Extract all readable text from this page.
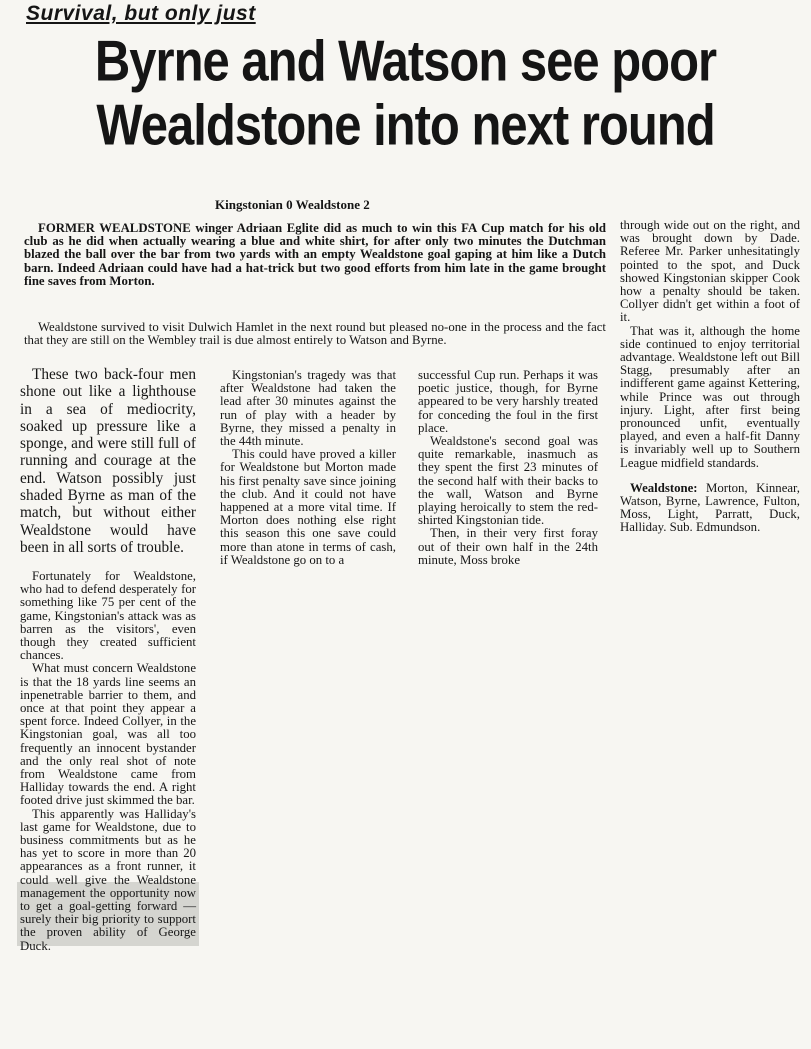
Survival, but only just
Byrne and Watson see poor
Wealdstone into next round
Kingstonian 0 Wealdstone 2
FORMER WEALDSTONE winger Adriaan Eglite did as much to win this FA Cup match for his old club as he did when actually wearing a blue and white shirt, for after only two minutes the Dutchman blazed the ball over the bar from two yards with an empty Wealdstone goal gaping at him like a Dutch barn. Indeed Adriaan could have had a hat-trick but two good efforts from him late in the game brought fine saves from Morton.
Wealdstone survived to visit Dulwich Hamlet in the next round but pleased no-one in the process and the fact that they are still on the Wembley trail is due almost entirely to Watson and Byrne.

These two back-four men shone out like a lighthouse in a sea of mediocrity, soaked up pressure like a sponge, and were still full of running and courage at the end. Watson possibly just shaded Byrne as man of the match, but without either Wealdstone would have been in all sorts of trouble.

Fortunately for Wealdstone, who had to defend desperately for something like 75 per cent of the game, Kingstonian's attack was as barren as the visitors', even though they created sufficient chances.

What must concern Wealdstone is that the 18 yards line seems an inpenetrable barrier to them, and once at that point they appear a spent force. Indeed Collyer, in the Kingstonian goal, was all too frequently an innocent bystander and the only real shot of note from Wealdstone came from Halliday towards the end. A right footed drive just skimmed the bar.

This apparently was Halliday's last game for Wealdstone, due to business commitments but as he has yet to score in more than 20 appearances as a front runner, it could well give the Wealdstone management the opportunity now to get a goal-getting forward — surely their big priority to support the proven ability of George Duck.

Kingstonian's tragedy was that after Wealdstone had taken the lead after 30 minutes against the run of play with a header by Byrne, they missed a penalty in the 44th minute.

This could have proved a killer for Wealdstone but Morton made his first penalty save since joining the club. And it could not have happened at a more vital time. If Morton does nothing else right this season this one save could more than atone in terms of cash, if Wealdstone go on to a

successful Cup run. Perhaps it was poetic justice, though, for Byrne appeared to be very harshly treated for conceding the foul in the first place.

Wealdstone's second goal was quite remarkable, inasmuch as they spent the first 23 minutes of the second half with their backs to the wall, Watson and Byrne playing heroically to stem the red-shirted Kingstonian tide.

Then, in their very first foray out of their own half in the 24th minute, Moss broke

through wide out on the right, and was brought down by Dade. Referee Mr. Parker unhesitatingly pointed to the spot, and Duck showed Kingstonian skipper Cook how a penalty should be taken. Collyer didn't get within a foot of it.

That was it, although the home side continued to enjoy territorial advantage. Wealdstone left out Bill Stagg, presumably after an indifferent game against Kettering, while Prince was out through injury. Light, after first being pronounced unfit, eventually played, and even a half-fit Danny is invariably well up to Southern League midfield standards.

Wealdstone: Morton, Kinnear, Watson, Byrne, Lawrence, Fulton, Moss, Light, Parratt, Duck, Halliday. Sub. Edmundson.
